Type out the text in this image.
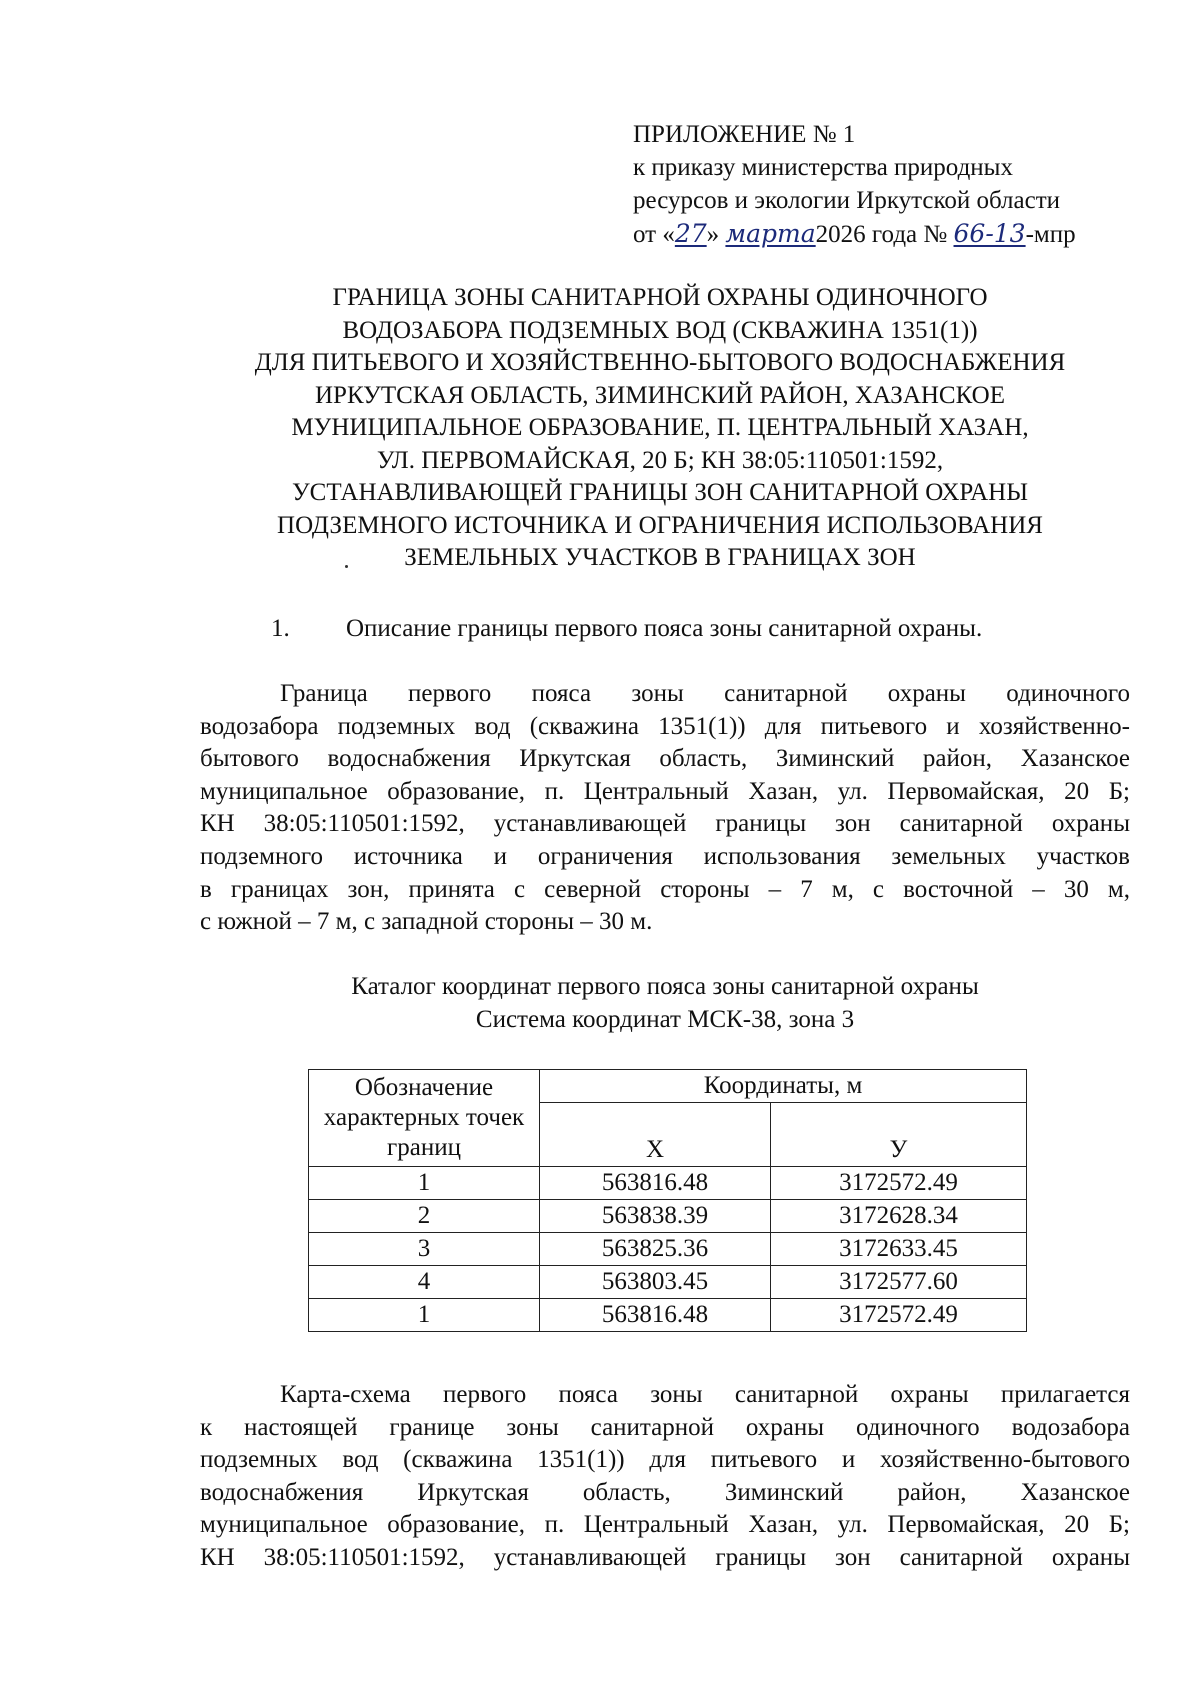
ПРИЛОЖЕНИЕ № 1
к приказу министерства природных
ресурсов и экологии Иркутской области
от «27» марта2026 года № 66-13-мпр
ГРАНИЦА ЗОНЫ САНИТАРНОЙ ОХРАНЫ ОДИНОЧНОГО
ВОДОЗАБОРА ПОДЗЕМНЫХ ВОД (СКВАЖИНА 1351(1))
ДЛЯ ПИТЬЕВОГО И ХОЗЯЙСТВЕННО-БЫТОВОГО ВОДОСНАБЖЕНИЯ
ИРКУТСКАЯ ОБЛАСТЬ, ЗИМИНСКИЙ РАЙОН, ХАЗАНСКОЕ
МУНИЦИПАЛЬНОЕ ОБРАЗОВАНИЕ, П. ЦЕНТРАЛЬНЫЙ ХАЗАН,
УЛ. ПЕРВОМАЙСКАЯ, 20 Б; КН 38:05:110501:1592,
УСТАНАВЛИВАЮЩЕЙ ГРАНИЦЫ ЗОН САНИТАРНОЙ ОХРАНЫ
ПОДЗЕМНОГО ИСТОЧНИКА И ОГРАНИЧЕНИЯ ИСПОЛЬЗОВАНИЯ
ЗЕМЕЛЬНЫХ УЧАСТКОВ В ГРАНИЦАХ ЗОН
1. Описание границы первого пояса зоны санитарной охраны.
Граница первого пояса зоны санитарной охраны одиночного
водозабора подземных вод (скважина 1351(1)) для питьевого и хозяйственно-
бытового водоснабжения Иркутская область, Зиминский район, Хазанское
муниципальное образование, п. Центральный Хазан, ул. Первомайская, 20 Б;
КН 38:05:110501:1592, устанавливающей границы зон санитарной охраны
подземного источника и ограничения использования земельных участков
в границах зон, принята с северной стороны – 7 м, с восточной – 30 м,
с южной – 7 м, с западной стороны – 30 м.
Каталог координат первого пояса зоны санитарной охраны
Система координат МСК-38, зона 3
Обозначение характерных точек границ	Координаты, м	
	Х	У
1	563816.48	3172572.49
2	563838.39	3172628.34
3	563825.36	3172633.45
4	563803.45	3172577.60
1	563816.48	3172572.49
Карта-схема первого пояса зоны санитарной охраны прилагается
к настоящей границе зоны санитарной охраны одиночного водозабора
подземных вод (скважина 1351(1)) для питьевого и хозяйственно-бытового
водоснабжения Иркутская область, Зиминский район, Хазанское
муниципальное образование, п. Центральный Хазан, ул. Первомайская, 20 Б;
КН 38:05:110501:1592, устанавливающей границы зон санитарной охраны
